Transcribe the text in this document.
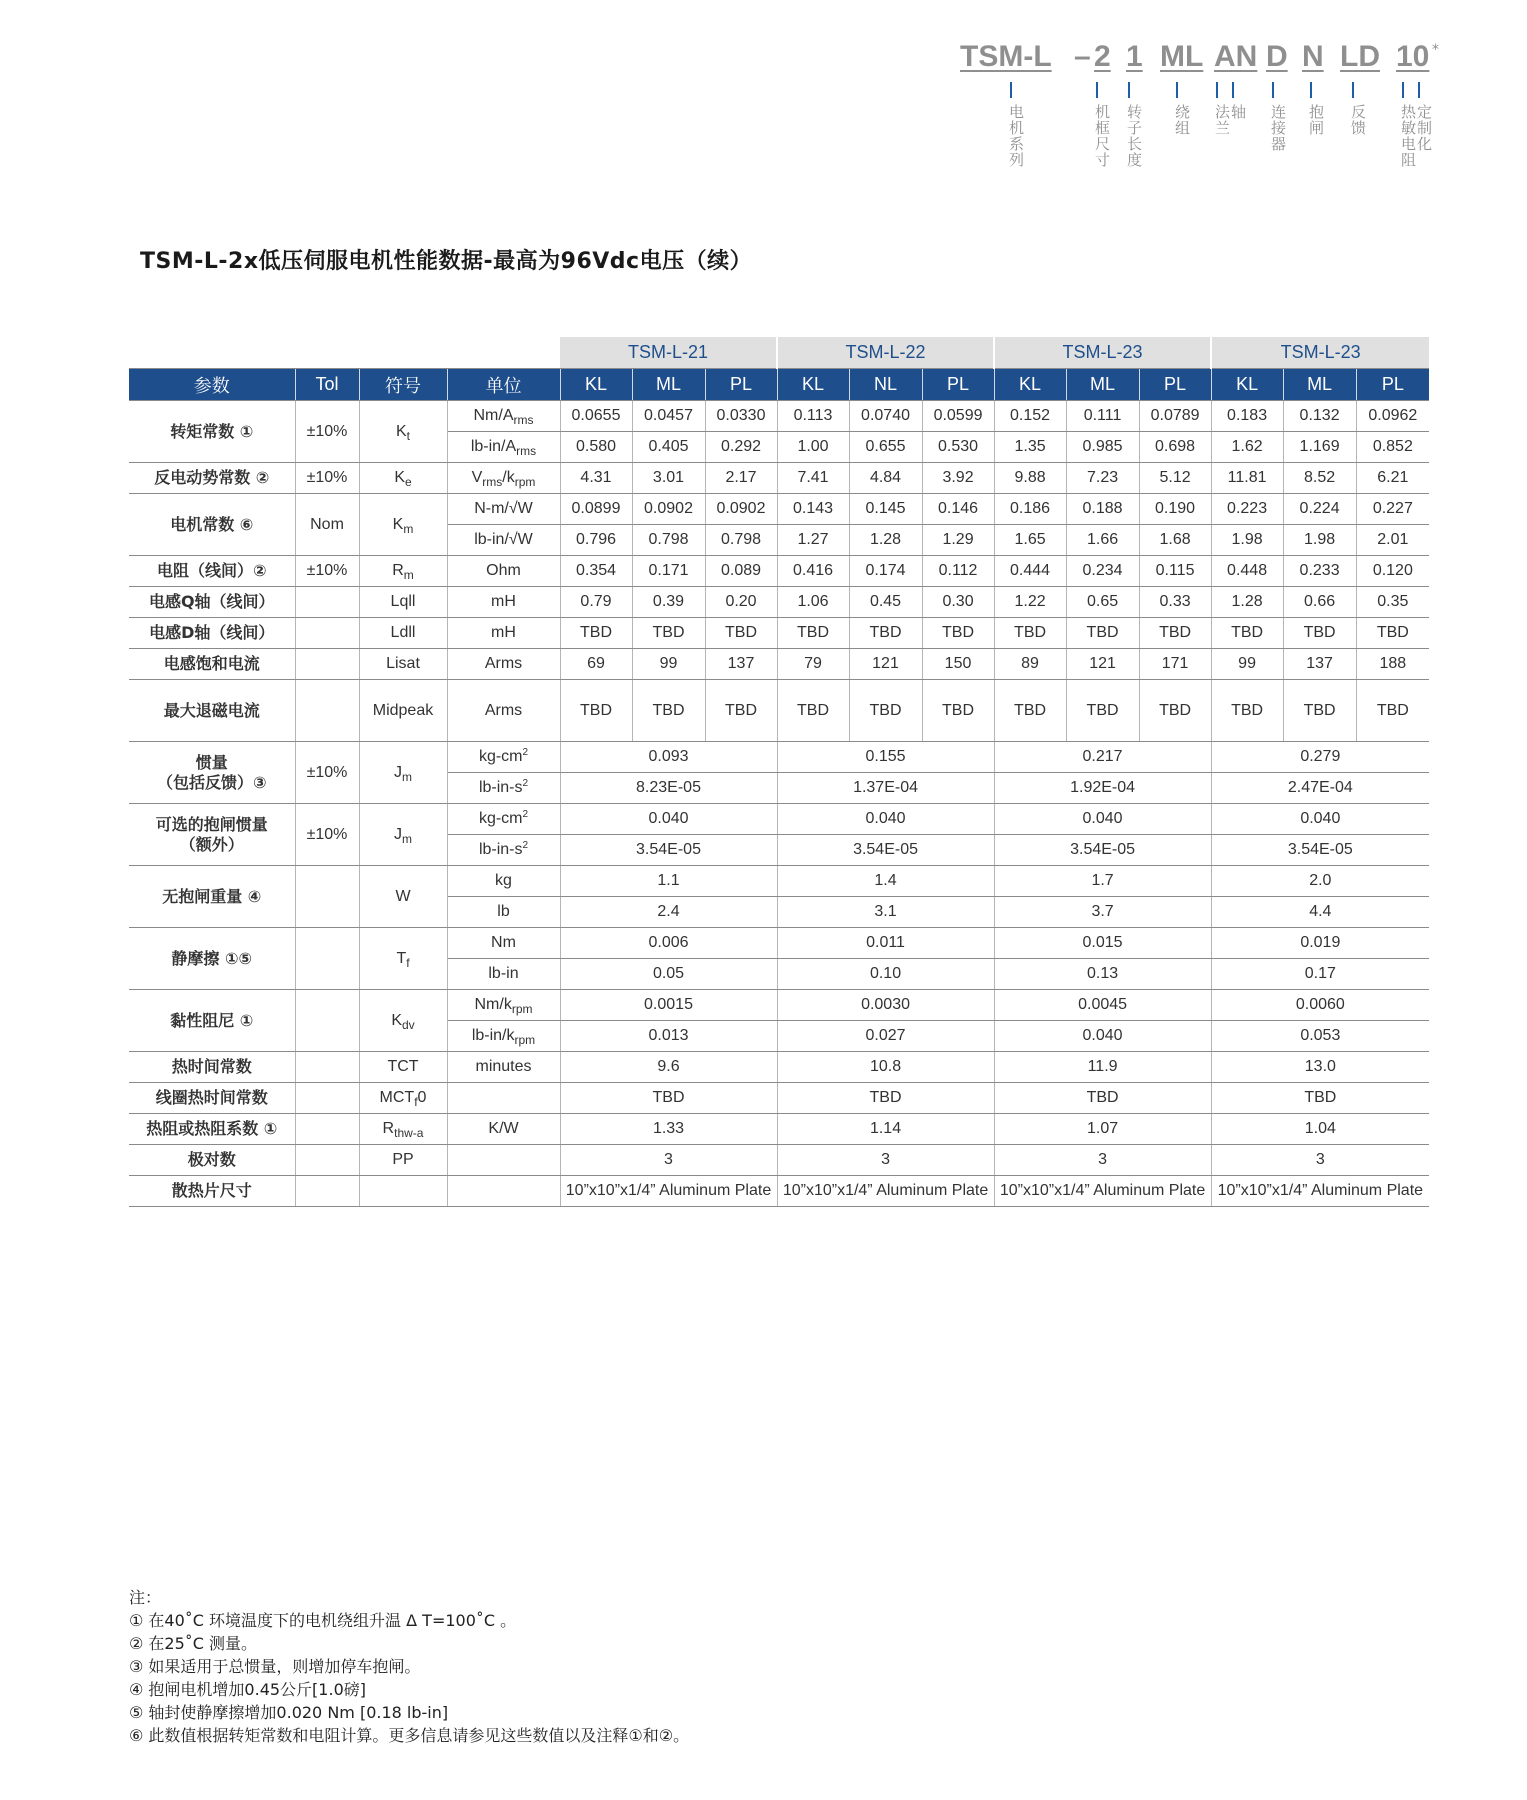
TSM-L – 2 1 ML AN D N LD 10 *
电机系列	机框尺寸 转子长度 绕组 法兰
轴 连接器 抱闸 反馈 热敏电阻
定制化
TSM-L-2x低压伺服电机性能数据-最高为96Vdc电压（续）
				TSM-L-21			TSM-L-22			TSM-L-23			TSM-L-23		
参数	Tol	符号	单位	KL	ML	PL	KL	NL	PL	KL	ML	PL	KL	ML	PL
转矩常数 ①	±10%	$K_t$	$Nm/A_{rms}$	0.0655	0.0457	0.0330	0.113	0.0740	0.0599	0.152	0.111	0.0789	0.183	0.132	0.0962
			$lb-in/A_{rms}$	0.580	0.405	0.292	1.00	0.655	0.530	1.35	0.985	0.698	1.62	1.169	0.852
反电动势常数 ②	±10%	$K_e$	$V_{rms}/k_{rpm}$	4.31	3.01	2.17	7.41	4.84	3.92	9.88	7.23	5.12	11.81	8.52	6.21
电机常数 ⑥	Nom	$K_m$	N-m/√W	0.0899	0.0902	0.0902	0.143	0.145	0.146	0.186	0.188	0.190	0.223	0.224	0.227
			lb-in/√W	0.796	0.798	0.798	1.27	1.28	1.29	1.65	1.66	1.68	1.98	1.98	2.01
电阻（线间）②	±10%	$R_m$	Ohm	0.354	0.171	0.089	0.416	0.174	0.112	0.444	0.234	0.115	0.448	0.233	0.120
电感Q轴（线间）		Lqll	mH	0.79	0.39	0.20	1.06	0.45	0.30	1.22	0.65	0.33	1.28	0.66	0.35
电感D轴（线间）		Ldll	mH	TBD	TBD	TBD	TBD	TBD	TBD	TBD	TBD	TBD	TBD	TBD	TBD
电感饱和电流		Lisat	Arms	69	99	137	79	121	150	89	121	171	99	137	188
最大退磁电流		Midpeak	Arms	TBD	TBD	TBD	TBD	TBD	TBD	TBD	TBD	TBD	TBD	TBD	TBD
惯量
（包括反馈）③	±10%	$J_m$	$kg-cm^2$	0.093			0.155			0.217			0.279		
			$lb-in-s^2$	8.23E-05			1.37E-04			1.92E-04			2.47E-04		
可选的抱闸惯量
（额外）	±10%	$J_m$	$kg-cm^2$	0.040			0.040			0.040			0.040		
			$lb-in-s^2$	3.54E-05			3.54E-05			3.54E-05			3.54E-05		
无抱闸重量 ④		W	kg	1.1			1.4			1.7			2.0		
			lb	2.4			3.1			3.7			4.4		
静摩擦 ①⑤		$T_f$	Nm	0.006			0.011			0.015			0.019		
			lb-in	0.05			0.10			0.13			0.17		
黏性阻尼 ①		$K_{dv}$	$Nm/k_{rpm}$	0.0015			0.0030			0.0045			0.0060		
			$lb-in/k_{rpm}$	0.013			0.027			0.040			0.053		
热时间常数		TCT	minutes	9.6			10.8			11.9			13.0		
线圈热时间常数		$MCT_f0$		TBD			TBD			TBD			TBD		
热阻或热阻系数 ①		$R_{thw-a}$	K/W	1.33			1.14			1.07			1.04		
极对数		PP		3			3			3			3		
散热片尺寸				10”x10”x1/4” Aluminum Plate			10”x10”x1/4” Aluminum Plate			10”x10”x1/4” Aluminum Plate			10”x10”x1/4” Aluminum Plate		
注：
① 在40˚C 环境温度下的电机绕组升温 Δ T=100˚C 。
② 在25˚C 测量。
③ 如果适用于总惯量，则增加停车抱闸。
④ 抱闸电机增加0.45公斤[1.0磅]
⑤ 轴封使静摩擦增加0.020 Nm [0.18 lb-in]
⑥ 此数值根据转矩常数和电阻计算。更多信息请参见这些数值以及注释①和②。
